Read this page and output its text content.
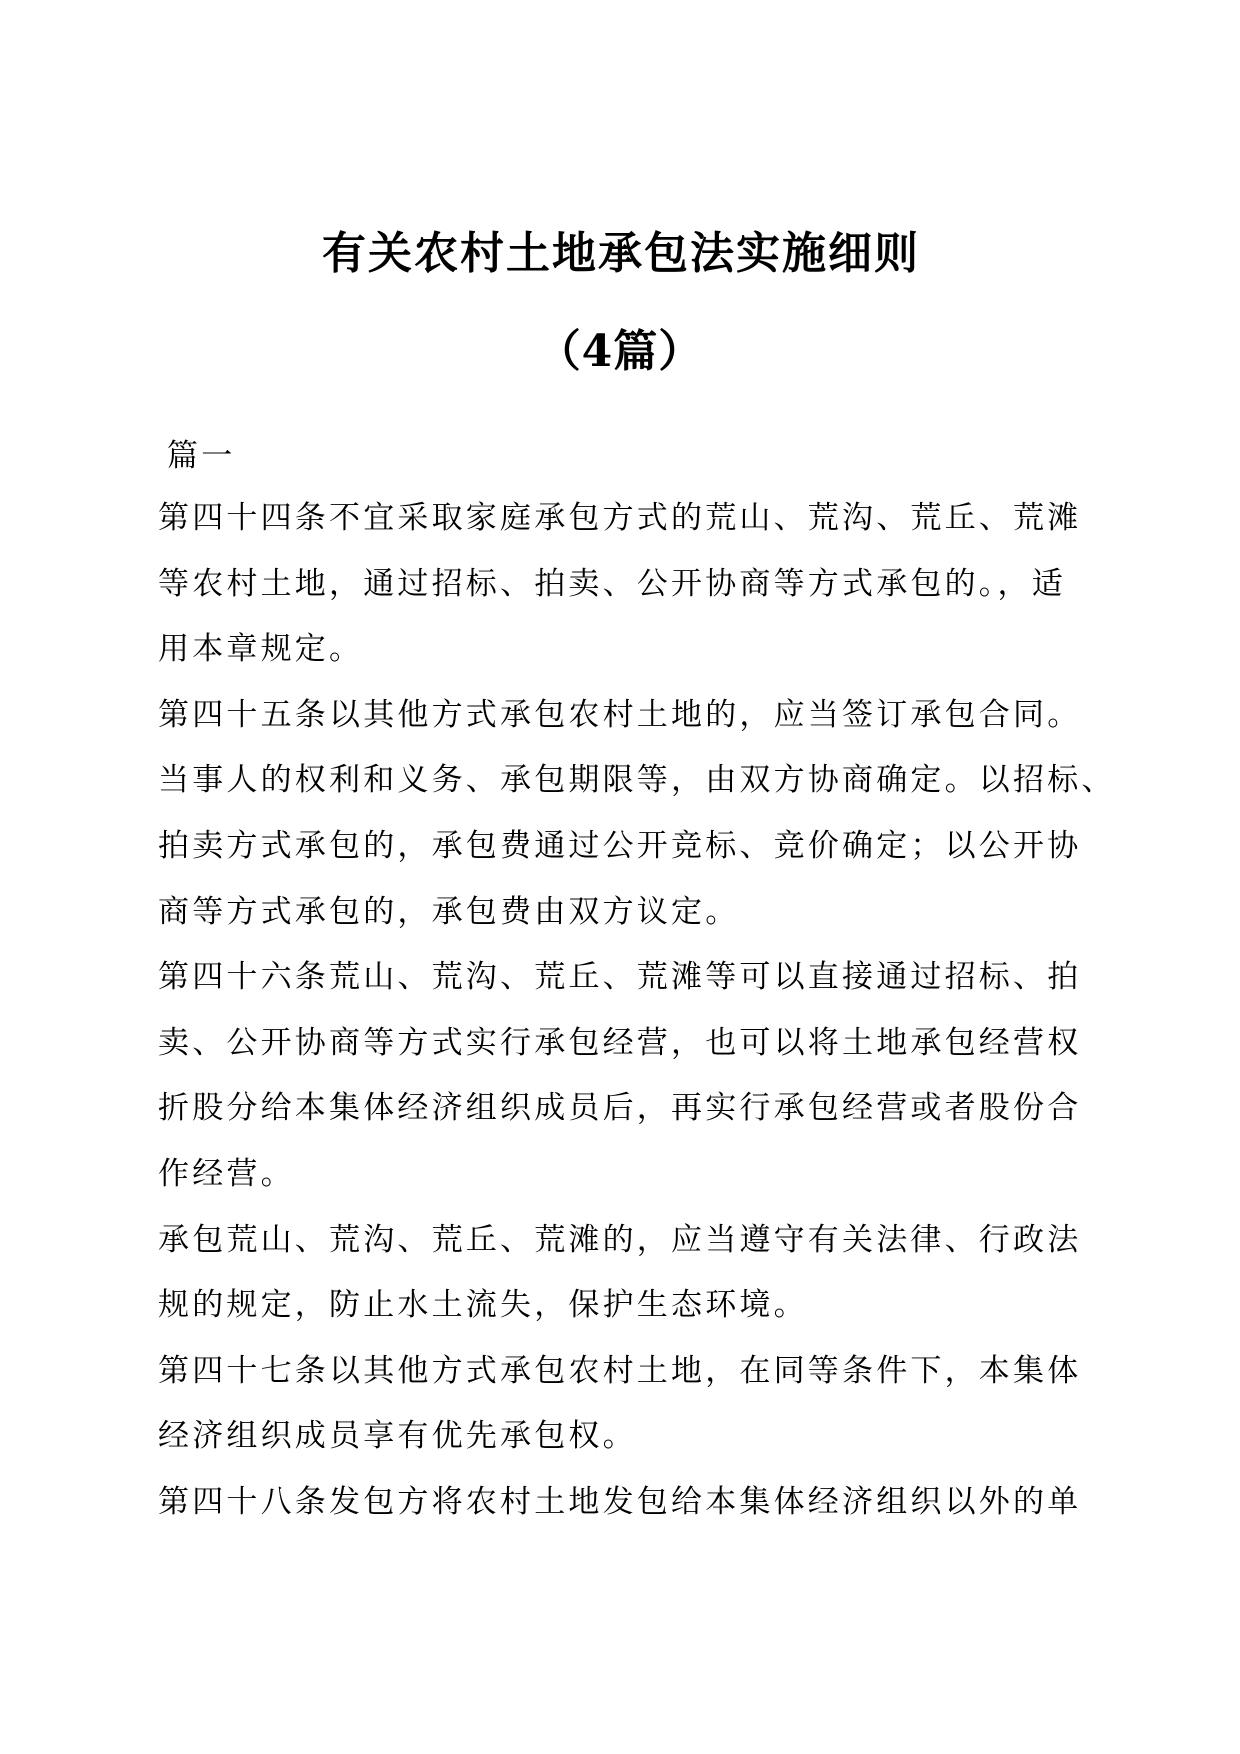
有关农村土地承包法实施细则
（4篇）
篇一
第四十四条不宜采取家庭承包方式的荒山、荒沟、荒丘、荒滩
等农村土地，通过招标、拍卖、公开协商等方式承包的。，适
用本章规定。
第四十五条以其他方式承包农村土地的，应当签订承包合同。
当事人的权利和义务、承包期限等，由双方协商确定。以招标、
拍卖方式承包的，承包费通过公开竞标、竞价确定；以公开协
商等方式承包的，承包费由双方议定。
第四十六条荒山、荒沟、荒丘、荒滩等可以直接通过招标、拍
卖、公开协商等方式实行承包经营，也可以将土地承包经营权
折股分给本集体经济组织成员后，再实行承包经营或者股份合
作经营。
承包荒山、荒沟、荒丘、荒滩的，应当遵守有关法律、行政法
规的规定，防止水土流失，保护生态环境。
第四十七条以其他方式承包农村土地，在同等条件下，本集体
经济组织成员享有优先承包权。
第四十八条发包方将农村土地发包给本集体经济组织以外的单
